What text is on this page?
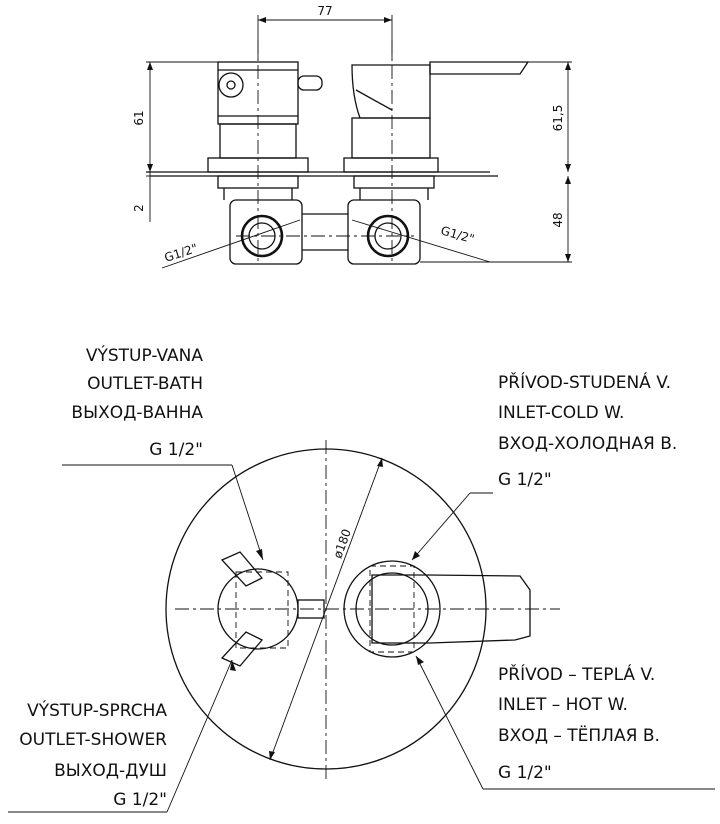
77
61
2
61,5
48
G1/2"
G1/2"
ø180
VÝSTUP-VANA
OUTLET-BATH
ВЫХОД-ВАННА
G 1/2"
PŘÍVOD-STUDENÁ V.
INLET-COLD W.
ВХОД-ХОЛОДНАЯ В.
G 1/2"
PŘÍVOD – TEPLÁ V.
INLET – HOT W.
ВХОД – ТЁПЛАЯ В.
G 1/2"
VÝSTUP-SPRCHA
OUTLET-SHOWER
ВЫХОД-ДУШ
G 1/2"
